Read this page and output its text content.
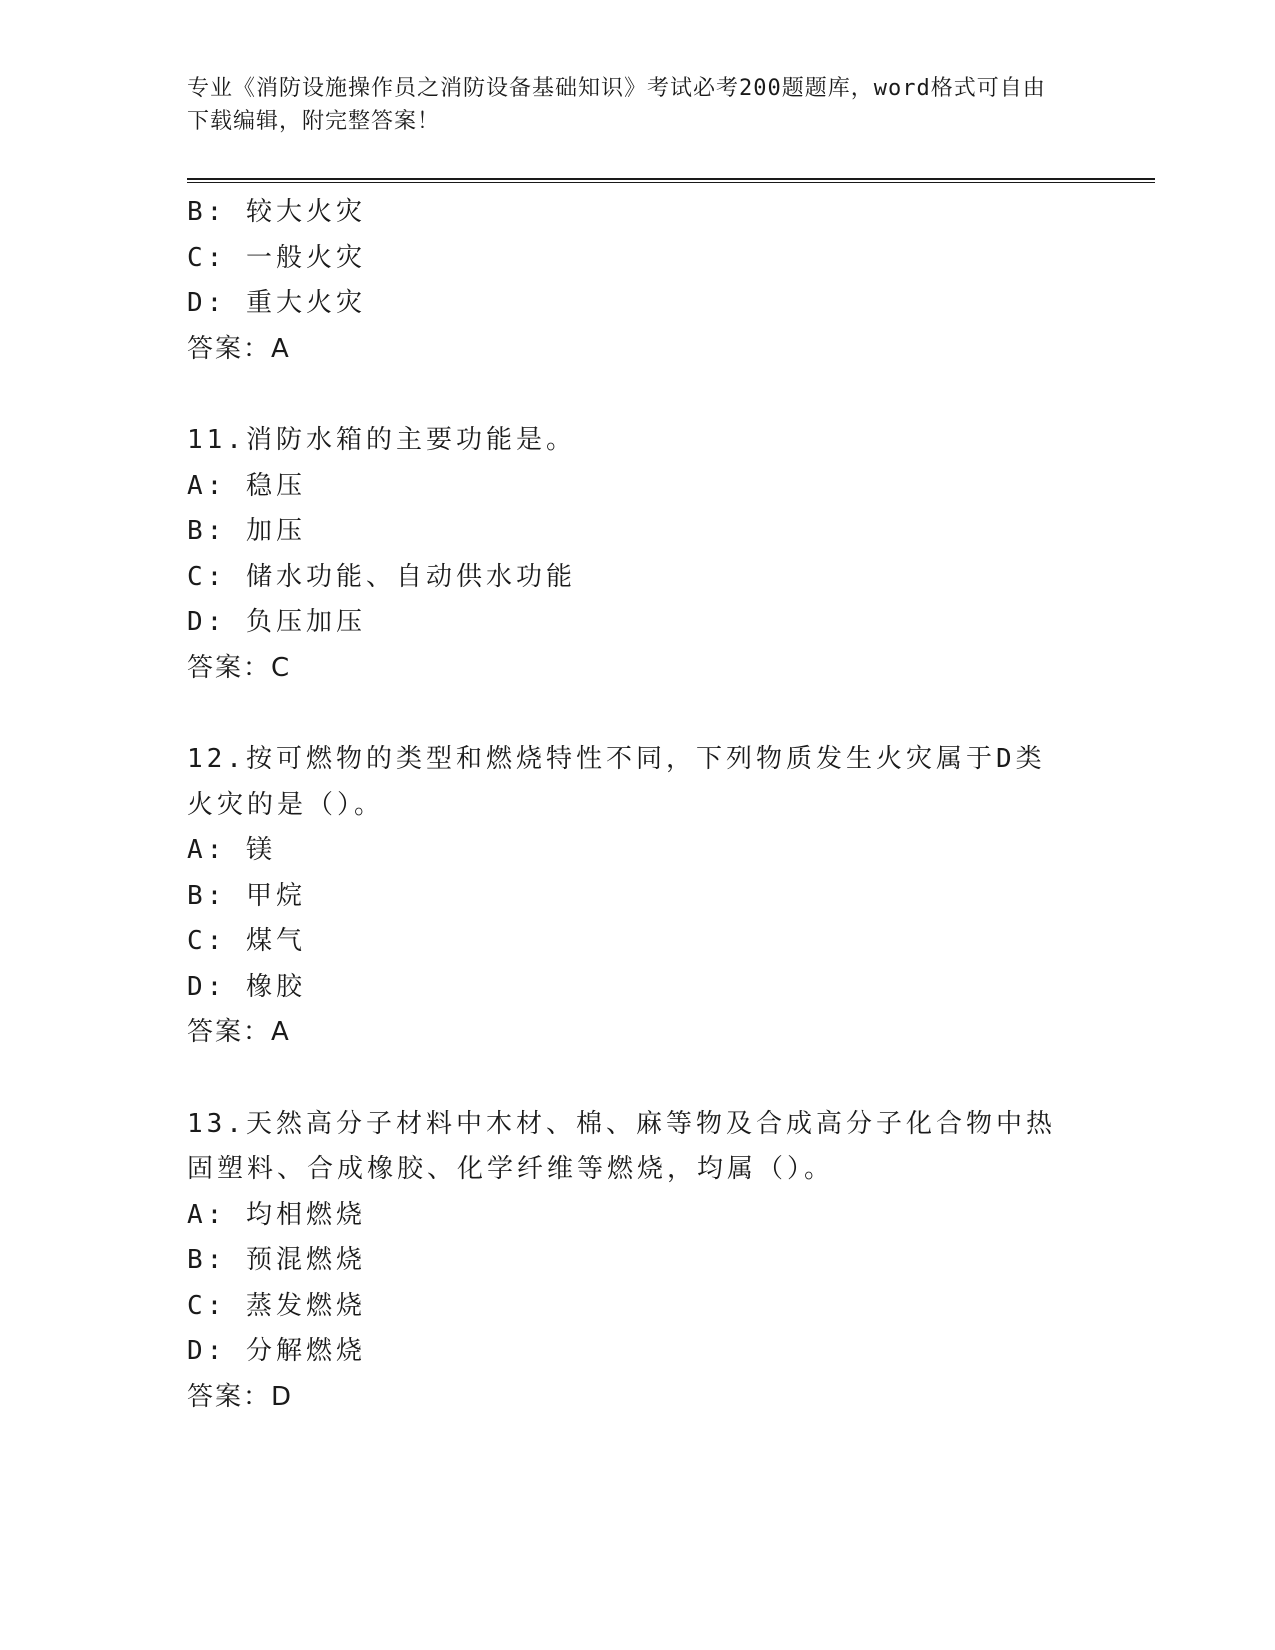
专业《消防设施操作员之消防设备基础知识》考试必考200题题库，word格式可自由下载编辑，附完整答案！
B: 较大火灾
C: 一般火灾
D: 重大火灾
答案：A
11.消防水箱的主要功能是。
A: 稳压
B: 加压
C: 储水功能、自动供水功能
D: 负压加压
答案：C
12.按可燃物的类型和燃烧特性不同，下列物质发生火灾属于D类火灾的是（）。
A: 镁
B: 甲烷
C: 煤气
D: 橡胶
答案：A
13.天然高分子材料中木材、棉、麻等物及合成高分子化合物中热固塑料、合成橡胶、化学纤维等燃烧，均属（）。
A: 均相燃烧
B: 预混燃烧
C: 蒸发燃烧
D: 分解燃烧
答案：D
